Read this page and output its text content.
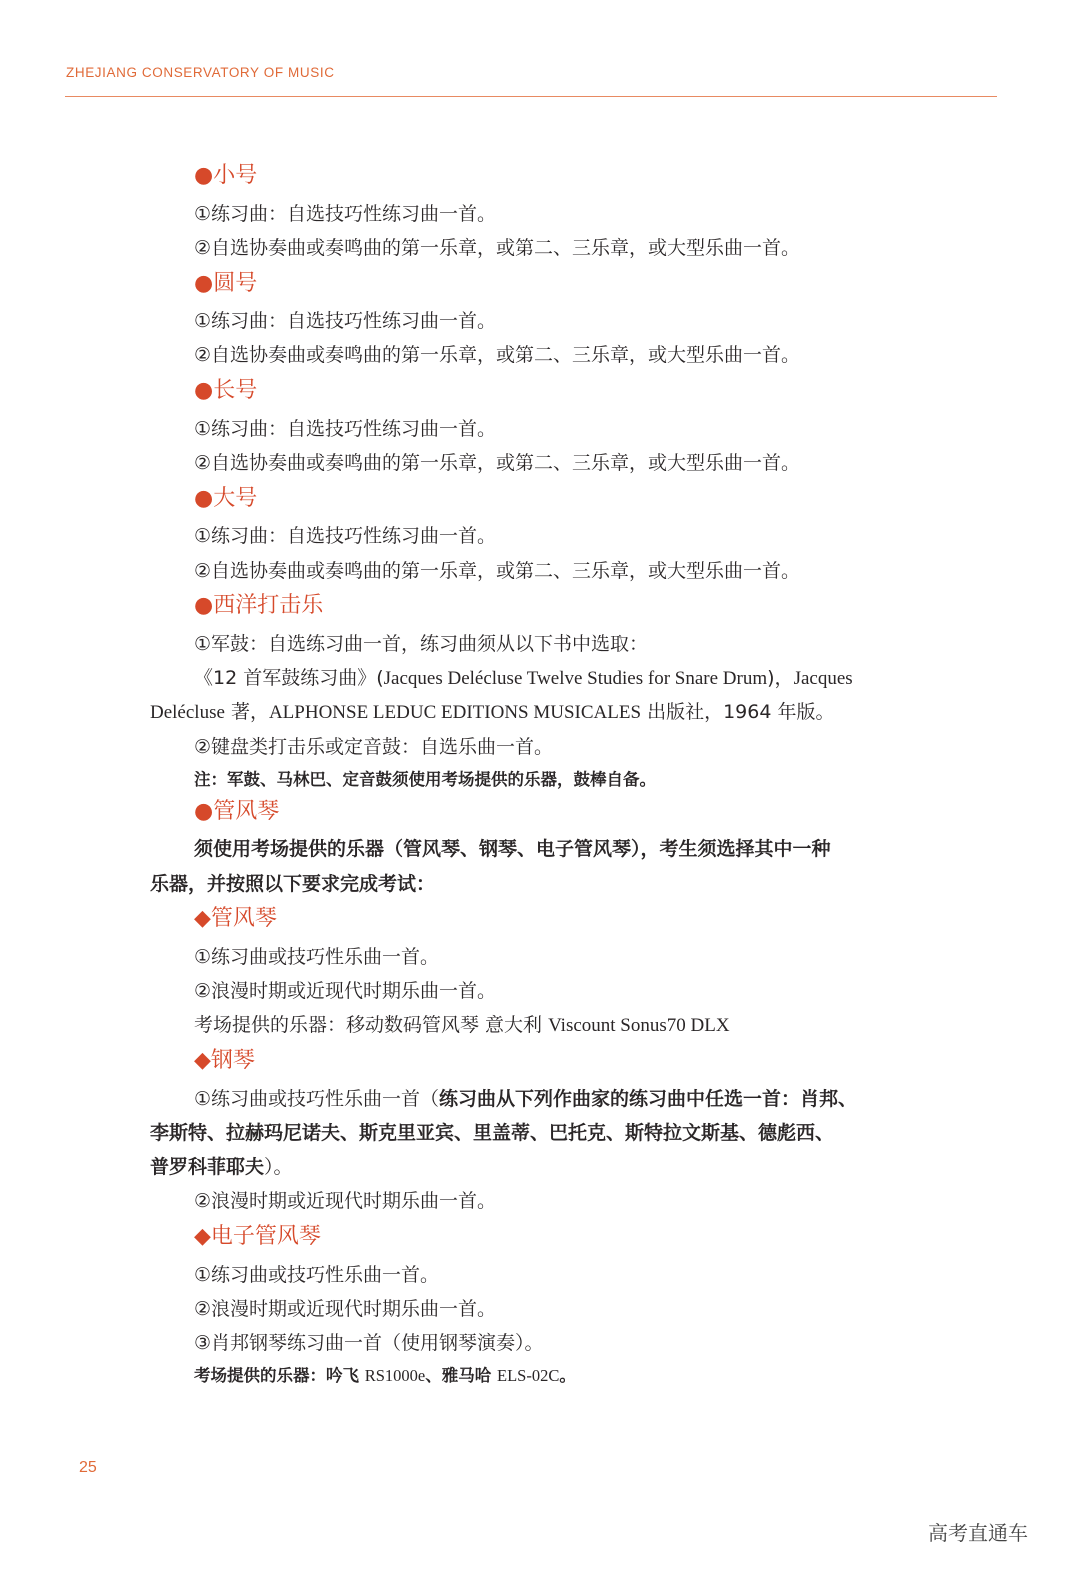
ZHEJIANG CONSERVATORY OF MUSIC
●小号
①练习曲：自选技巧性练习曲一首。
②自选协奏曲或奏鸣曲的第一乐章，或第二、三乐章，或大型乐曲一首。
●圆号
①练习曲：自选技巧性练习曲一首。
②自选协奏曲或奏鸣曲的第一乐章，或第二、三乐章，或大型乐曲一首。
●长号
①练习曲：自选技巧性练习曲一首。
②自选协奏曲或奏鸣曲的第一乐章，或第二、三乐章，或大型乐曲一首。
●大号
①练习曲：自选技巧性练习曲一首。
②自选协奏曲或奏鸣曲的第一乐章，或第二、三乐章，或大型乐曲一首。
●西洋打击乐
①军鼓：自选练习曲一首，练习曲须从以下书中选取：
《12 首军鼓练习曲》(Jacques Delécluse Twelve Studies for Snare Drum)，Jacques
Delécluse 著，ALPHONSE LEDUC EDITIONS MUSICALES 出版社，1964 年版。
②键盘类打击乐或定音鼓：自选乐曲一首。
注：军鼓、马林巴、定音鼓须使用考场提供的乐器，鼓棒自备。
●管风琴
须使用考场提供的乐器（管风琴、钢琴、电子管风琴），考生须选择其中一种
乐器，并按照以下要求完成考试：
◆管风琴
①练习曲或技巧性乐曲一首。
②浪漫时期或近现代时期乐曲一首。
考场提供的乐器：移动数码管风琴 意大利 Viscount Sonus70 DLX
◆钢琴
①练习曲或技巧性乐曲一首（练习曲从下列作曲家的练习曲中任选一首：肖邦、
李斯特、拉赫玛尼诺夫、斯克里亚宾、里盖蒂、巴托克、斯特拉文斯基、德彪西、
普罗科菲耶夫）。
②浪漫时期或近现代时期乐曲一首。
◆电子管风琴
①练习曲或技巧性乐曲一首。
②浪漫时期或近现代时期乐曲一首。
③肖邦钢琴练习曲一首（使用钢琴演奏）。
考场提供的乐器：吟飞 RS1000e、雅马哈 ELS-02C。
25
高考直通车
